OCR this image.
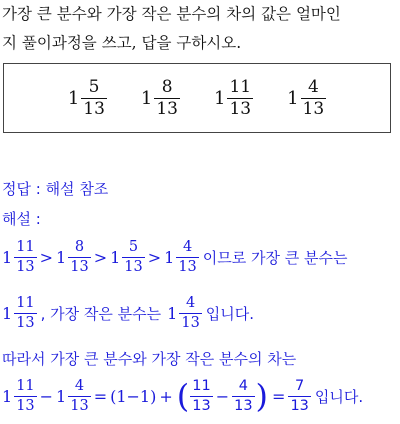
가장 큰 분수와 가장 작은 분수의 차의 값은 얼마인
지 풀이과정을 쓰고, 답을 구하시오.
$1 \frac{5}{13} 1 \frac{8}{13} 1 \frac{11}{13} 1 \frac{4}{13}$
정답 : 해설 참조
해설 :
$1 \frac{11}{13} > 1 \frac{8}{13} > 1 \frac{5}{13} > 1 \frac{4}{13}$ 이므로 가장 큰 분수는
$1 \frac{11}{13}$ , 가장 작은 분수는 $1 \frac{4}{13}$ 입니다.
따라서 가장 큰 분수와 가장 작은 분수의 차는
$1 \frac{11}{13} - 1 \frac{4}{13} = (1-1)$ + ( $\frac{11}{13} - \frac{4}{13}$ ) = $\frac{7}{13}$ 입니다.
